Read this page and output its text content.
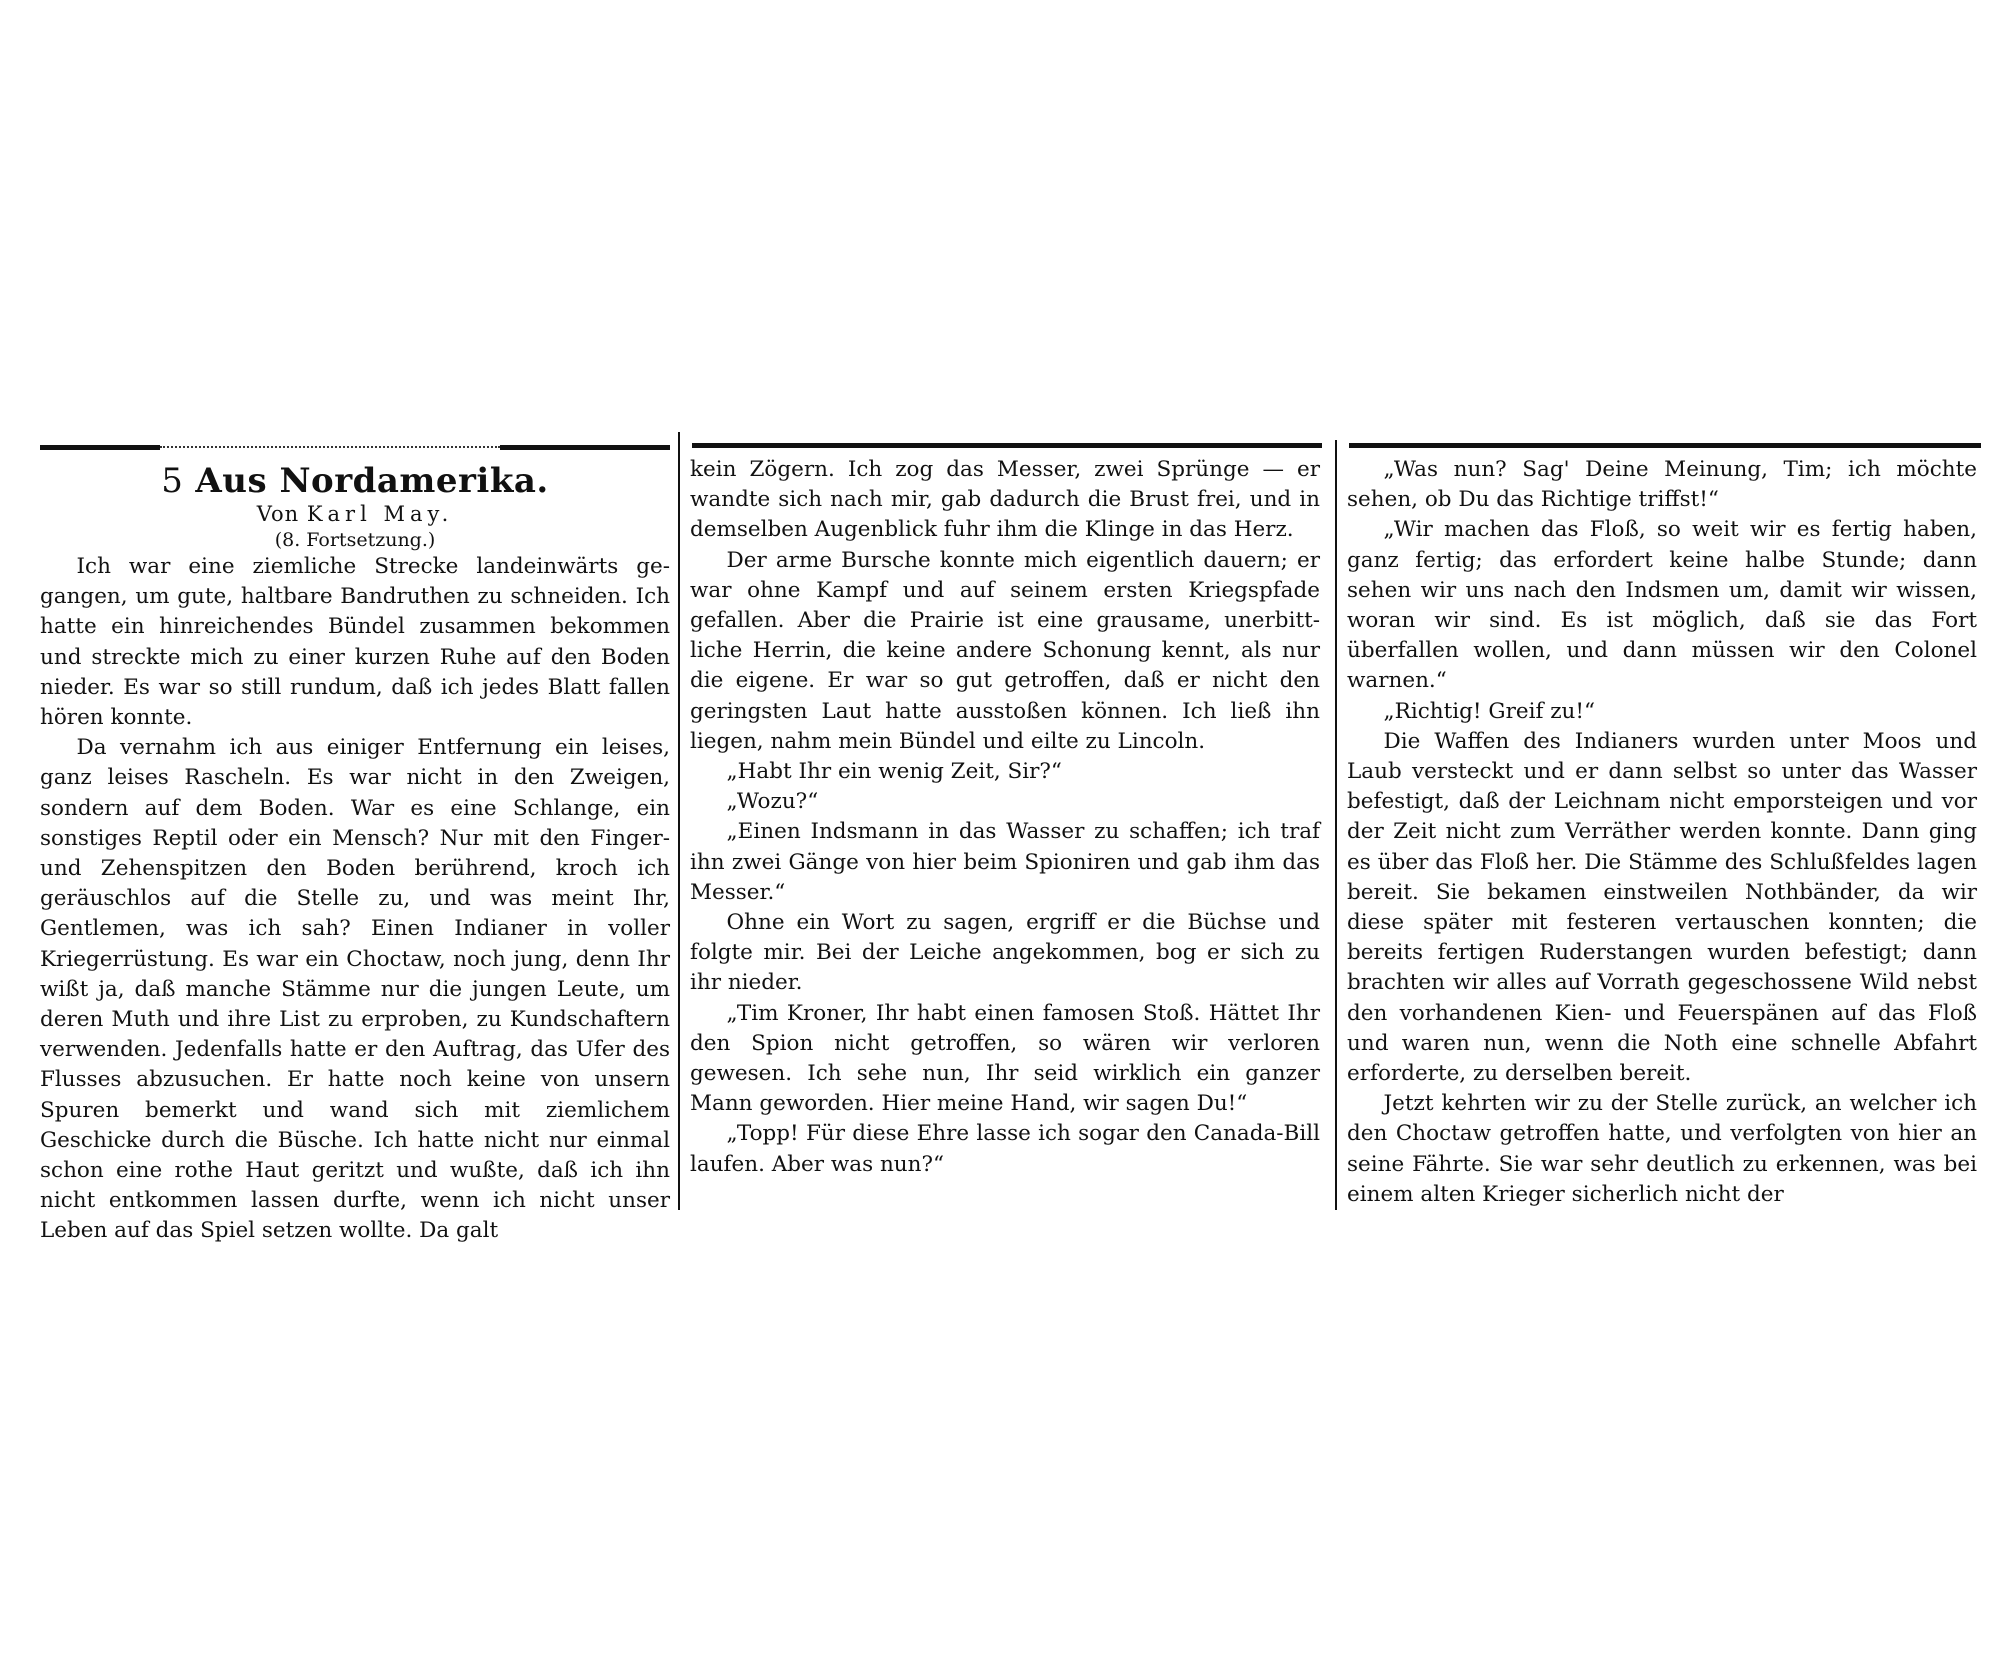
5 Aus Nordamerika.
Von Karl May.
(8. Fortsetzung.)

Ich war eine ziemliche Strecke landeinwärts gegangen, um gute, haltbare Bandruthen zu schneiden. Ich hatte ein hinreichendes Bündel zusammen bekommen und streckte mich zu einer kurzen Ruhe auf den Boden nieder. Es war so still rundum, daß ich jedes Blatt fallen hören konnte.

Da vernahm ich aus einiger Entfernung ein leises, ganz leises Rascheln. Es war nicht in den Zweigen, sondern auf dem Boden. War es eine Schlange, ein sonstiges Reptil oder ein Mensch? Nur mit den Finger- und Zehenspitzen den Boden berührend, kroch ich geräuschlos auf die Stelle zu, und was meint Ihr, Gentlemen, was ich sah? Einen Indianer in voller Kriegerrüstung. Es war ein Choctaw, noch jung, denn Ihr wißt ja, daß manche Stämme nur die jungen Leute, um deren Muth und ihre List zu erproben, zu Kundschaftern verwenden. Jedenfalls hatte er den Auftrag, das Ufer des Flusses abzusuchen. Er hatte noch keine von unsern Spuren bemerkt und wand sich mit ziemlichem Geschicke durch die Büsche. Ich hatte nicht nur einmal schon eine rothe Haut geritzt und wußte, daß ich ihn nicht entkommen lassen durfte, wenn ich nicht unser Leben auf das Spiel setzen wollte. Da galt

kein Zögern. Ich zog das Messer, zwei Sprünge — er wandte sich nach mir, gab dadurch die Brust frei, und in demselben Augenblick fuhr ihm die Klinge in das Herz.

Der arme Bursche konnte mich eigentlich dauern; er war ohne Kampf und auf seinem ersten Kriegspfade gefallen. Aber die Prairie ist eine grausame, unerbittliche Herrin, die keine andere Schonung kennt, als nur die eigene. Er war so gut getroffen, daß er nicht den geringsten Laut hatte ausstoßen können. Ich ließ ihn liegen, nahm mein Bündel und eilte zu Lincoln.

„Habt Ihr ein wenig Zeit, Sir?“

„Wozu?“

„Einen Indsmann in das Wasser zu schaffen; ich traf ihn zwei Gänge von hier beim Spioniren und gab ihm das Messer.“

Ohne ein Wort zu sagen, ergriff er die Büchse und folgte mir. Bei der Leiche angekommen, bog er sich zu ihr nieder.

„Tim Kroner, Ihr habt einen famosen Stoß. Hättet Ihr den Spion nicht getroffen, so wären wir verloren gewesen. Ich sehe nun, Ihr seid wirklich ein ganzer Mann geworden. Hier meine Hand, wir sagen Du!“

„Topp! Für diese Ehre lasse ich sogar den Canada-Bill laufen. Aber was nun?“

„Was nun? Sag' Deine Meinung, Tim; ich möchte sehen, ob Du das Richtige triffst!“

„Wir machen das Floß, so weit wir es fertig haben, ganz fertig; das erfordert keine halbe Stunde; dann sehen wir uns nach den Indsmen um, damit wir wissen, woran wir sind. Es ist möglich, daß sie das Fort überfallen wollen, und dann müssen wir den Colonel warnen.“

„Richtig! Greif zu!“

Die Waffen des Indianers wurden unter Moos und Laub versteckt und er dann selbst so unter das Wasser befestigt, daß der Leichnam nicht emporsteigen und vor der Zeit nicht zum Verräther werden konnte. Dann ging es über das Floß her. Die Stämme des Schlußfeldes lagen bereit. Sie bekamen einstweilen Nothbänder, da wir diese später mit festeren vertauschen konnten; die bereits fertigen Ruderstangen wurden befestigt; dann brachten wir alles auf Vorrath gegeschossene Wild nebst den vorhandenen Kien- und Feuerspänen auf das Floß und waren nun, wenn die Noth eine schnelle Abfahrt erforderte, zu derselben bereit.

Jetzt kehrten wir zu der Stelle zurück, an welcher ich den Choctaw getroffen hatte, und verfolgten von hier an seine Fährte. Sie war sehr deutlich zu erkennen, was bei einem alten Krieger sicherlich nicht der
